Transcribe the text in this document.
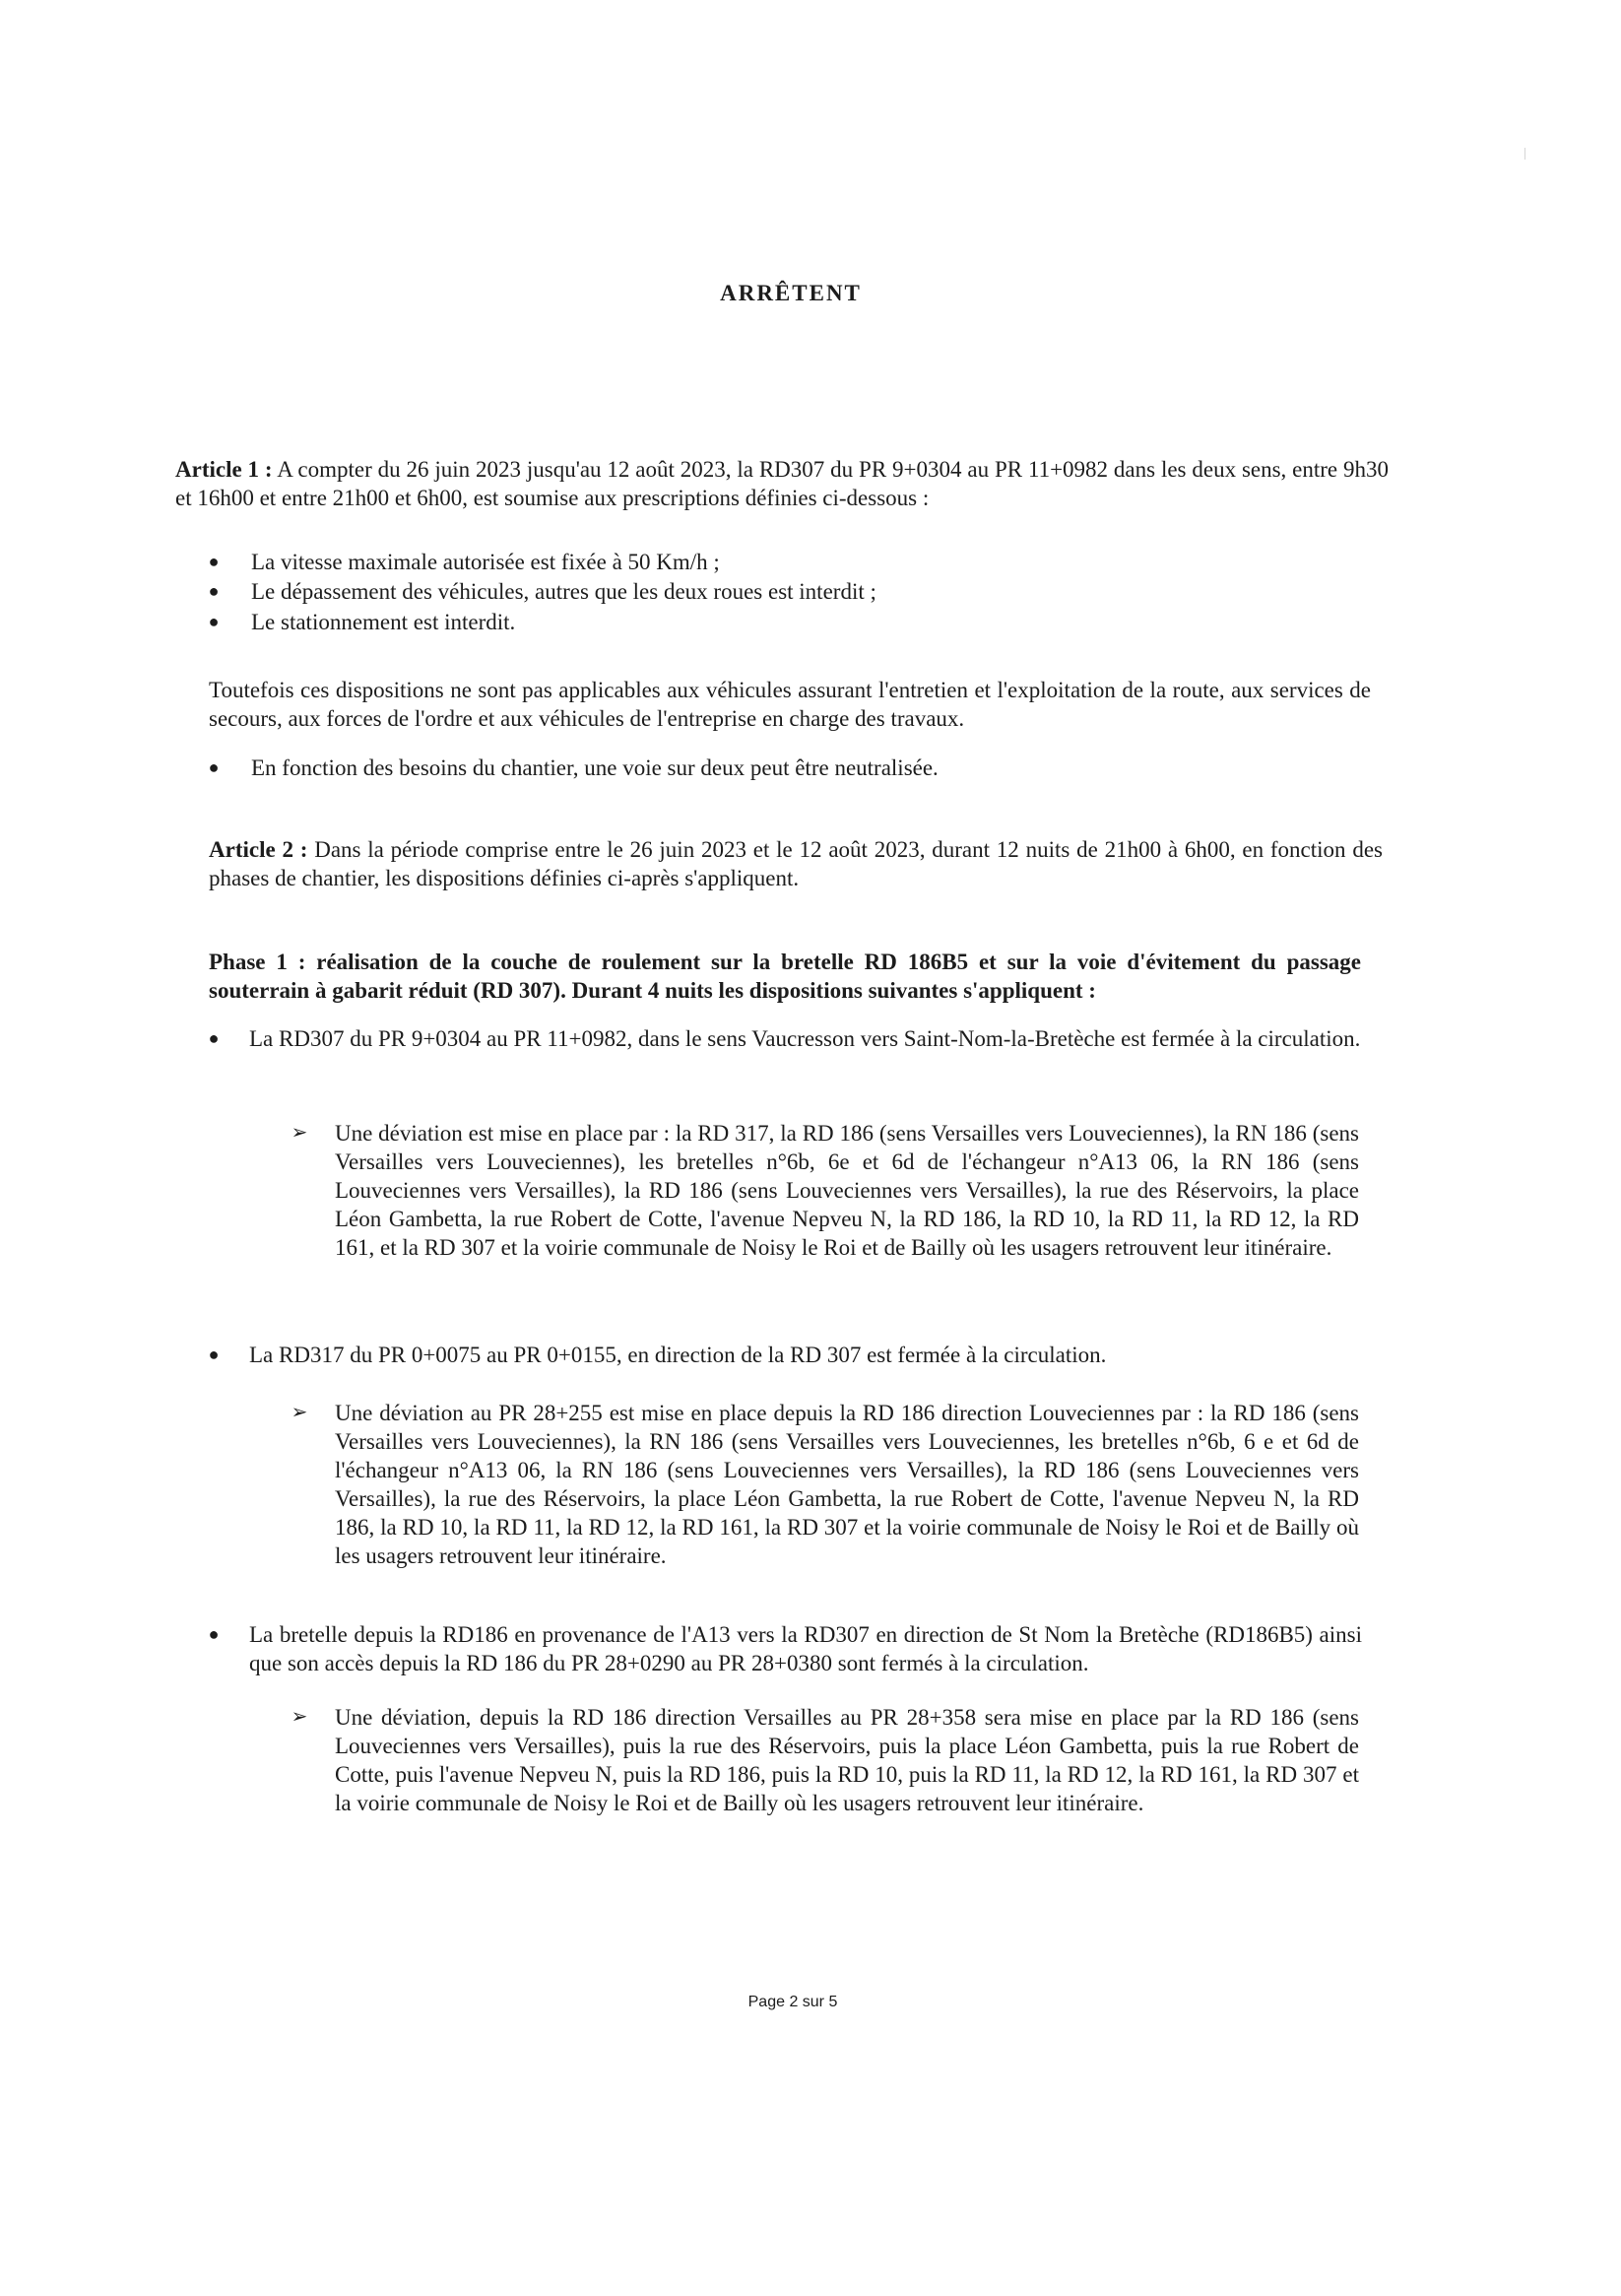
ARRÊTENT
Article 1 : A compter du 26 juin 2023 jusqu'au 12 août 2023, la RD307 du PR 9+0304 au PR 11+0982 dans les deux sens, entre 9h30 et 16h00 et entre 21h00 et 6h00, est soumise aux prescriptions définies ci-dessous :
● La vitesse maximale autorisée est fixée à 50 Km/h ;
● Le dépassement des véhicules, autres que les deux roues est interdit ;
● Le stationnement est interdit.
Toutefois ces dispositions ne sont pas applicables aux véhicules assurant l'entretien et l'exploitation de la route, aux services de secours, aux forces de l'ordre et aux véhicules de l'entreprise en charge des travaux.
● En fonction des besoins du chantier, une voie sur deux peut être neutralisée.
Article 2 : Dans la période comprise entre le 26 juin 2023 et le 12 août 2023, durant 12 nuits de 21h00 à 6h00, en fonction des phases de chantier, les dispositions définies ci-après s'appliquent.
Phase 1 : réalisation de la couche de roulement sur la bretelle RD 186B5 et sur la voie d'évitement du passage souterrain à gabarit réduit (RD 307). Durant 4 nuits les dispositions suivantes s'appliquent :
● La RD307 du PR 9+0304 au PR 11+0982, dans le sens Vaucresson vers Saint-Nom-la-Bretèche est fermée à la circulation.
➢ Une déviation est mise en place par : la RD 317, la RD 186 (sens Versailles vers Louveciennes), la RN 186 (sens Versailles vers Louveciennes), les bretelles n°6b, 6e et 6d de l'échangeur n°A13 06, la RN 186 (sens Louveciennes vers Versailles), la RD 186 (sens Louveciennes vers Versailles), la rue des Réservoirs, la place Léon Gambetta, la rue Robert de Cotte, l'avenue Nepveu N, la RD 186, la RD 10, la RD 11, la RD 12, la RD 161, et la RD 307 et la voirie communale de Noisy le Roi et de Bailly où les usagers retrouvent leur itinéraire.
● La RD317 du PR 0+0075 au PR 0+0155, en direction de la RD 307 est fermée à la circulation.
➢ Une déviation au PR 28+255 est mise en place depuis la RD 186 direction Louveciennes par : la RD 186 (sens Versailles vers Louveciennes), la RN 186 (sens Versailles vers Louveciennes, les bretelles n°6b, 6 e et 6d de l'échangeur n°A13 06, la RN 186 (sens Louveciennes vers Versailles), la RD 186 (sens Louveciennes vers Versailles), la rue des Réservoirs, la place Léon Gambetta, la rue Robert de Cotte, l'avenue Nepveu N, la RD 186, la RD 10, la RD 11, la RD 12, la RD 161, la RD 307 et la voirie communale de Noisy le Roi et de Bailly où les usagers retrouvent leur itinéraire.
● La bretelle depuis la RD186 en provenance de l'A13 vers la RD307 en direction de St Nom la Bretèche (RD186B5) ainsi que son accès depuis la RD 186 du PR 28+0290 au PR 28+0380 sont fermés à la circulation.
➢ Une déviation, depuis la RD 186 direction Versailles au PR 28+358 sera mise en place par la RD 186 (sens Louveciennes vers Versailles), puis la rue des Réservoirs, puis la place Léon Gambetta, puis la rue Robert de Cotte, puis l'avenue Nepveu N, puis la RD 186, puis la RD 10, puis la RD 11, la RD 12, la RD 161, la RD 307 et la voirie communale de Noisy le Roi et de Bailly où les usagers retrouvent leur itinéraire.
Page 2 sur 5
